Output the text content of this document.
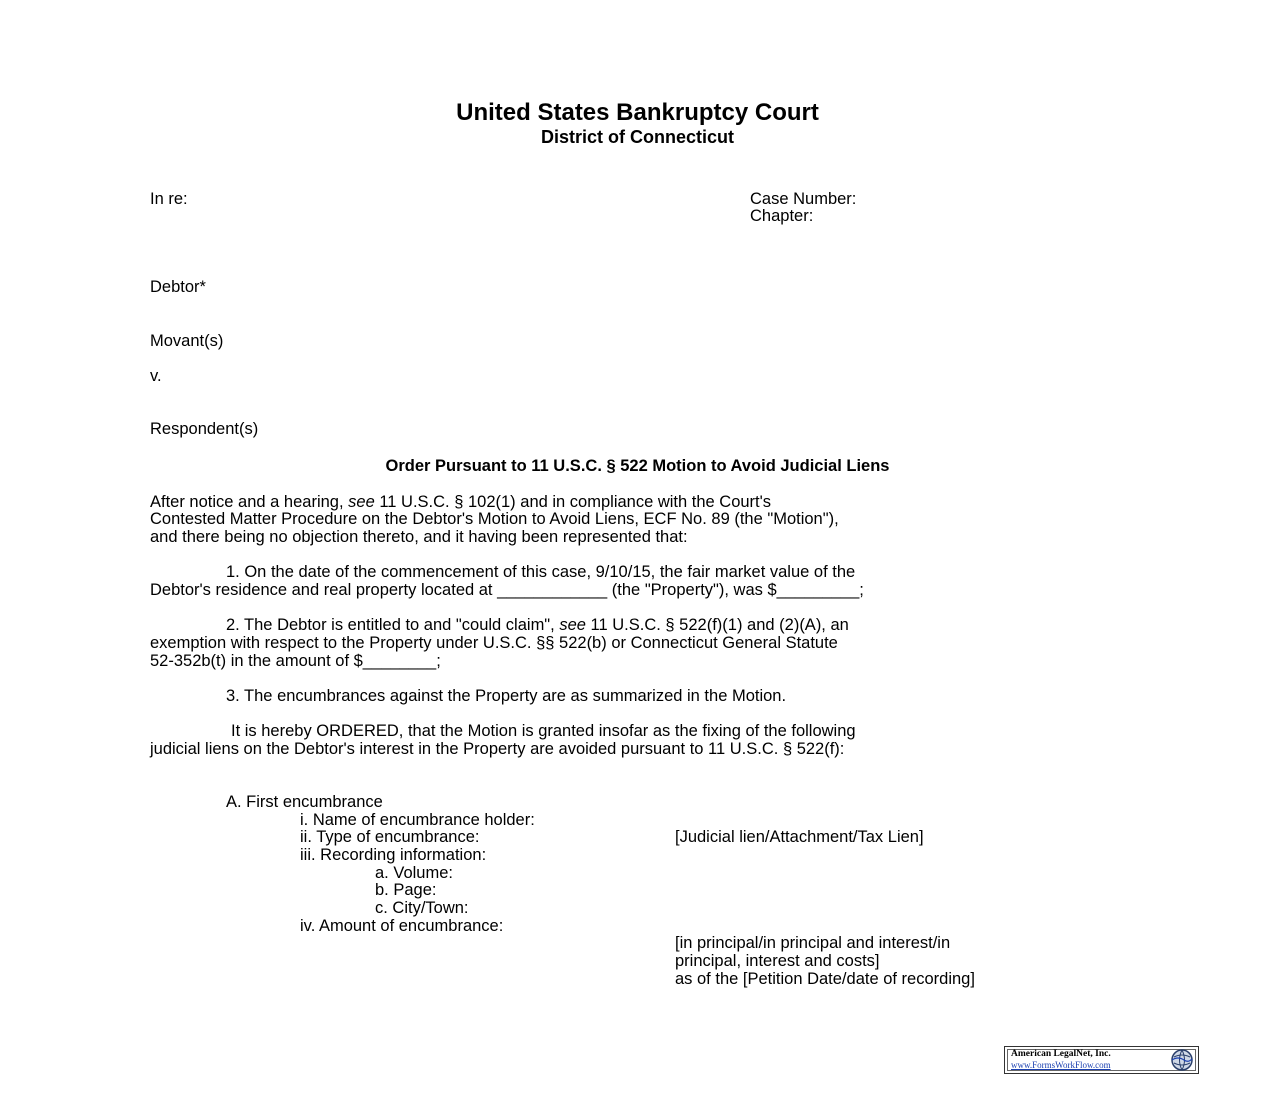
United States Bankruptcy Court
District of Connecticut
In re:	Case Number:
Chapter:
Debtor*
Movant(s)
v.
Respondent(s)
Order Pursuant to 11 U.S.C. § 522 Motion to Avoid Judicial Liens
After notice and a hearing, see 11 U.S.C. § 102(1) and in compliance with the Court's
Contested Matter Procedure on the Debtor's Motion to Avoid Liens, ECF No. 89 (the "Motion"),
and there being no objection thereto, and it having been represented that:
1. On the date of the commencement of this case, 9/10/15, the fair market value of the
Debtor's residence and real property located at ____________ (the "Property"), was $_________;
2. The Debtor is entitled to and "could claim", see 11 U.S.C. § 522(f)(1) and (2)(A), an
exemption with respect to the Property under U.S.C. §§ 522(b) or Connecticut General Statute
52-352b(t) in the amount of $________;
3. The encumbrances against the Property are as summarized in the Motion.
It is hereby ORDERED, that the Motion is granted insofar as the fixing of the following
judicial liens on the Debtor's interest in the Property are avoided pursuant to 11 U.S.C. § 522(f):
A. First encumbrance
i. Name of encumbrance holder:
ii. Type of encumbrance:	[Judicial lien/Attachment/Tax Lien]
iii. Recording information:
a. Volume:
b. Page:
c. City/Town:
iv. Amount of encumbrance:
[in principal/in principal and interest/in
principal, interest and costs]
as of the [Petition Date/date of recording]
American LegalNet, Inc.
www.FormsWorkFlow.com
